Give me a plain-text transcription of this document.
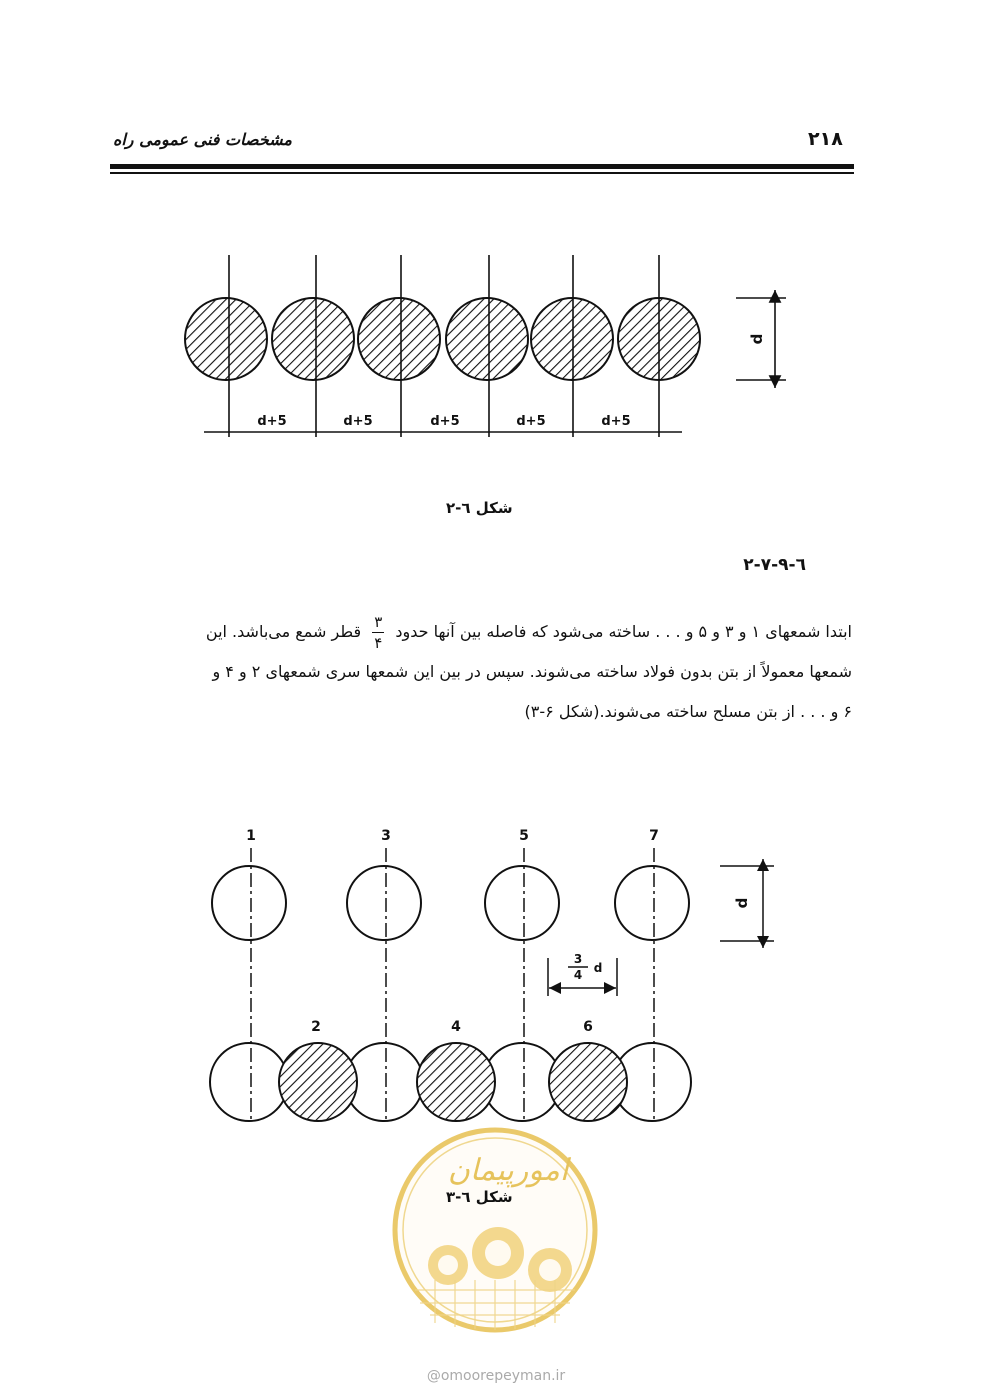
مشخصات فنی عمومی راه	۲۱۸
d+5	d+5	d+5	d+5	d+5
d
شکل ٦-٢
٦-٩-٧-٢

ابتدا شمعهای ۱ و ۳ و ۵ و . . . ساخته می‌شود که فاصله بین آنها حدود
$\frac{۳}{۴}$
قطر شمع می‌باشد. این

شمعها معمولاً از بتن بدون فولاد ساخته می‌شوند. سپس در بین این شمعها سری شمعهای ۲ و ۴ و

۶ و . . . از بتن مسلح ساخته می‌شوند.(شکل ۶-۳)

1	3	5	7
2	4	6
3
4 d
d
امورپیمان
شکل ٦-٣
@omoorepeyman.ir
